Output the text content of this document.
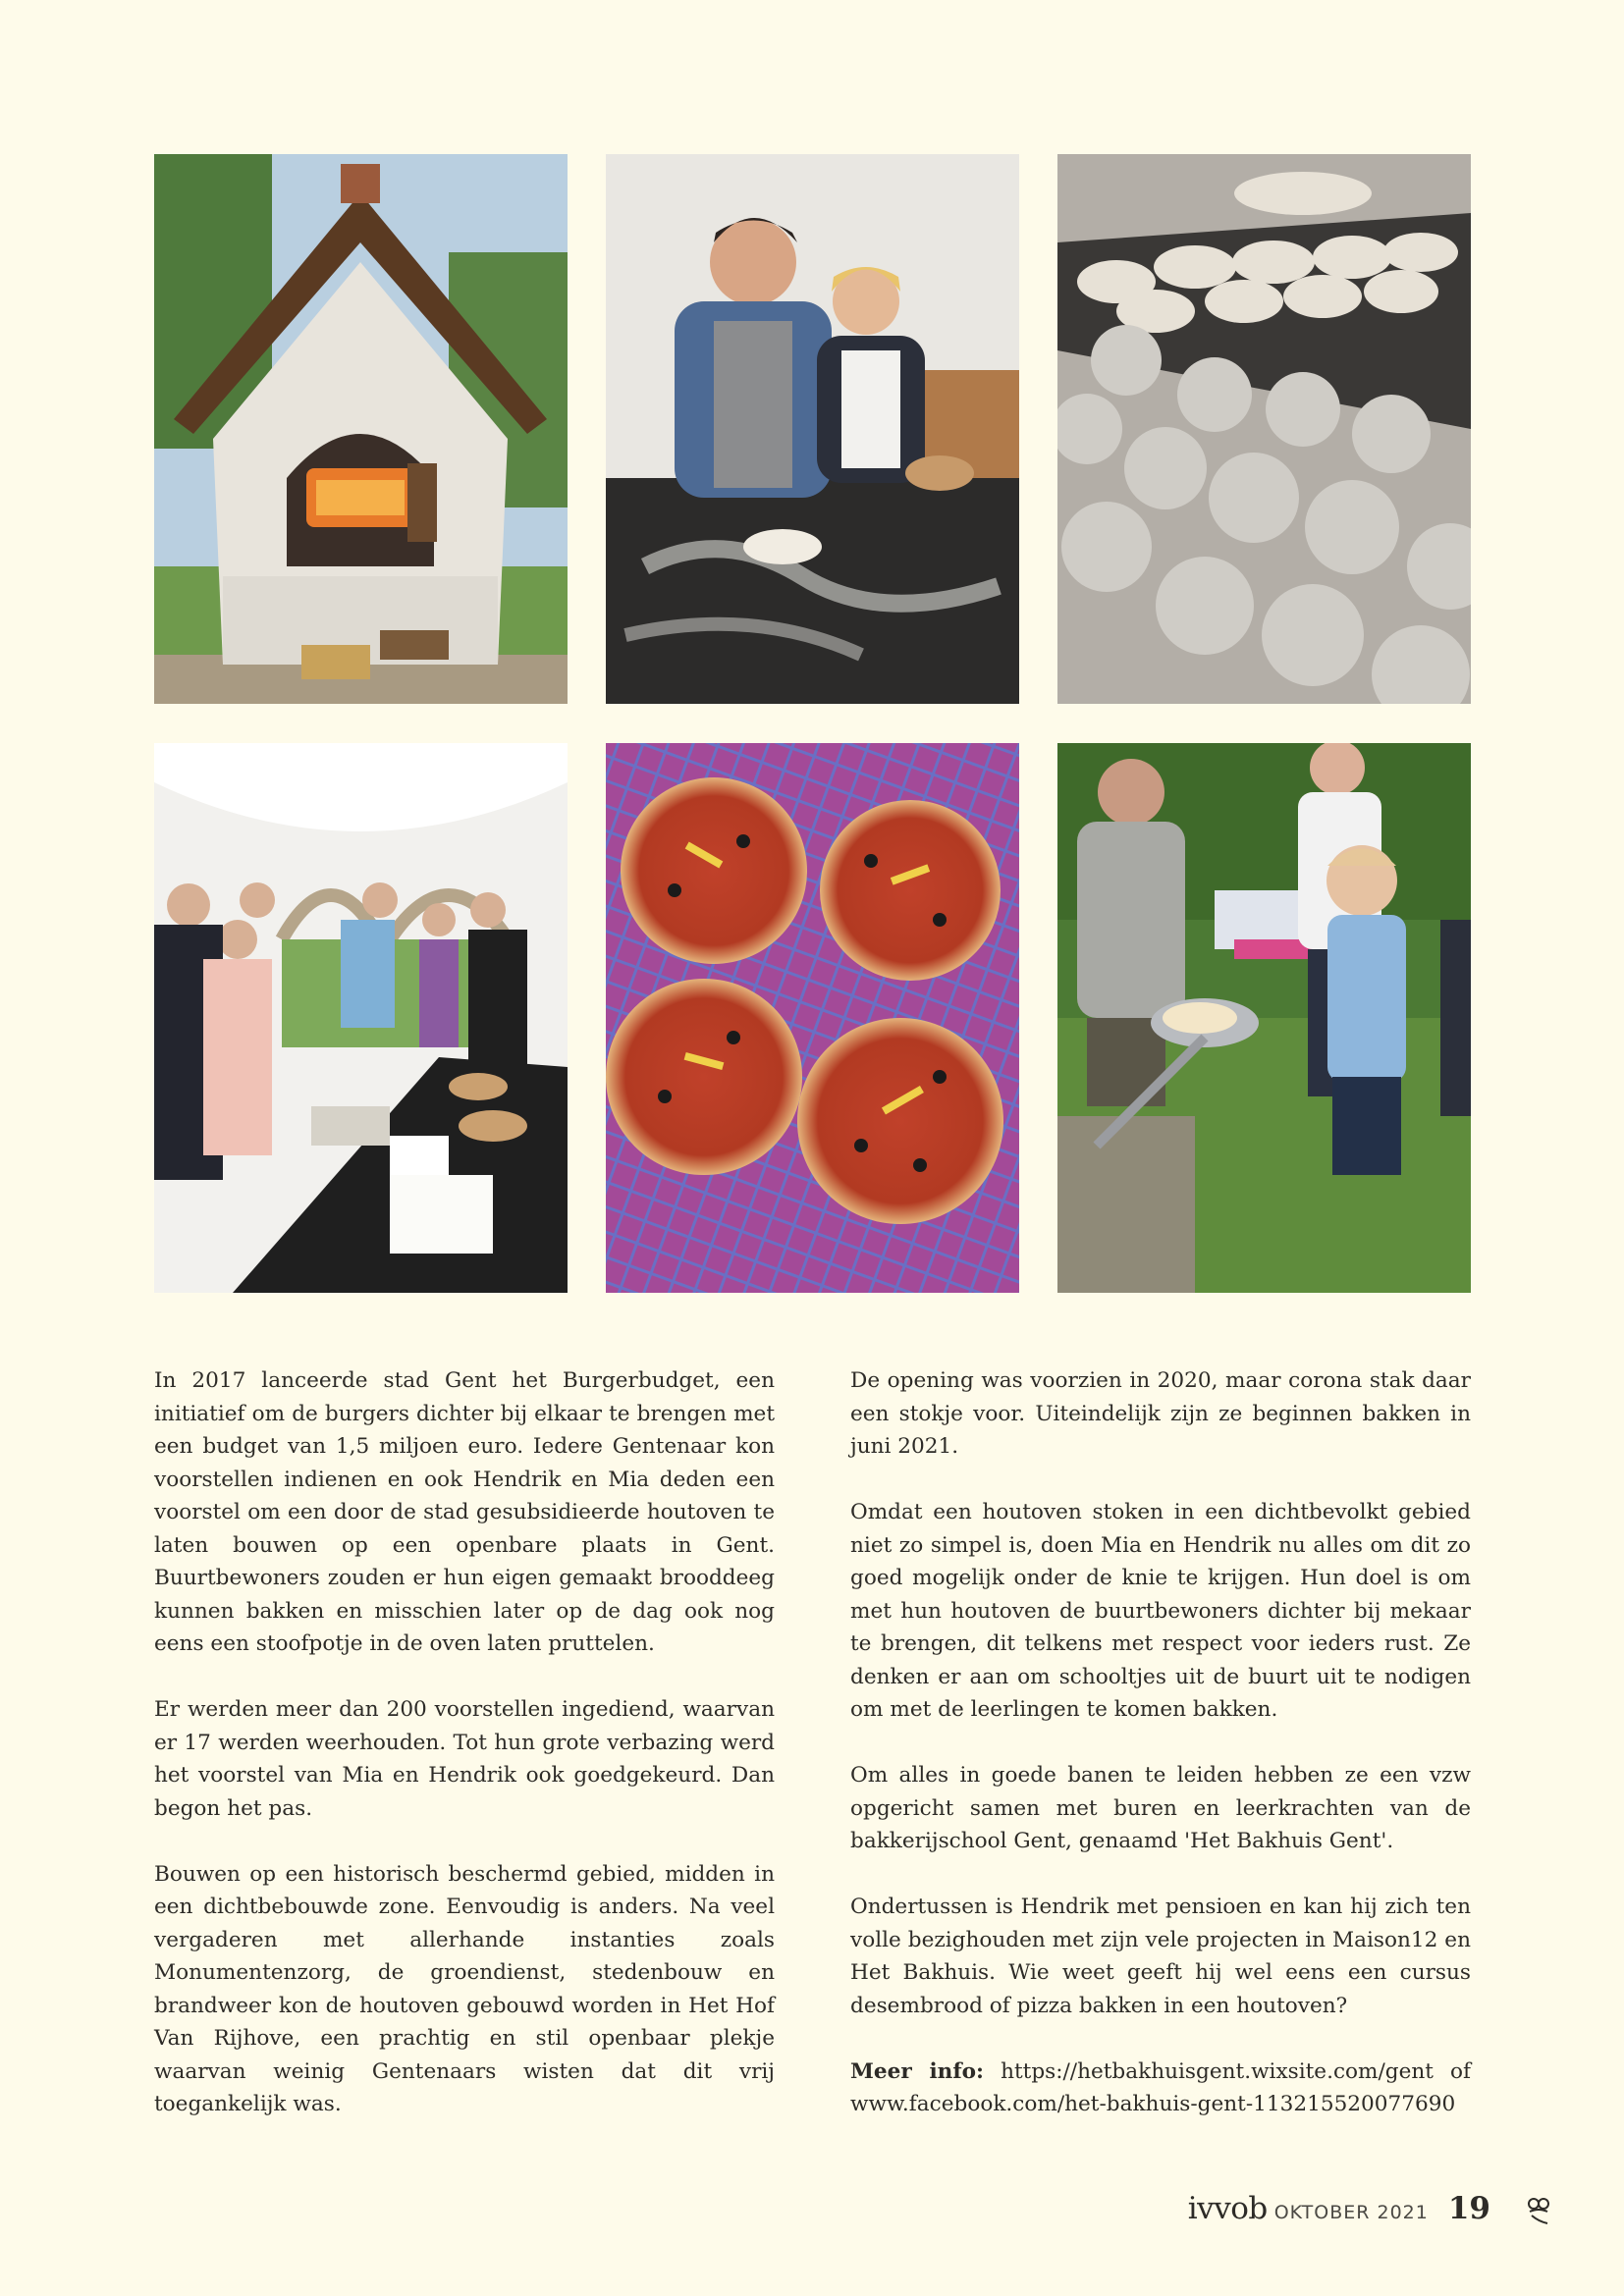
In 2017 lanceerde stad Gent het Burgerbudget, een initiatief om de burgers dichter bij elkaar te brengen met een budget van 1,5 miljoen euro. Iedere Gentenaar kon voorstellen indienen en ook Hendrik en Mia deden een voorstel om een door de stad gesubsidieerde houtoven te laten bouwen op een openbare plaats in Gent. Buurtbewoners zouden er hun eigen gemaakt brooddeeg kunnen bakken en misschien later op de dag ook nog eens een stoofpotje in de oven laten pruttelen.

Er werden meer dan 200 voorstellen ingediend, waarvan er 17 werden weerhouden. Tot hun grote verbazing werd het voorstel van Mia en Hendrik ook goedgekeurd. Dan begon het pas.

Bouwen op een historisch beschermd gebied, midden in een dichtbebouwde zone. Eenvoudig is anders. Na veel vergaderen met allerhande instanties zoals Monumentenzorg, de groendienst, stedenbouw en brandweer kon de houtoven gebouwd worden in Het Hof Van Rijhove, een prachtig en stil openbaar plekje waarvan weinig Gentenaars wisten dat dit vrij toegankelijk was.

De opening was voorzien in 2020, maar corona stak daar een stokje voor. Uiteindelijk zijn ze beginnen bakken in juni 2021.

Omdat een houtoven stoken in een dichtbevolkt gebied niet zo simpel is, doen Mia en Hendrik nu alles om dit zo goed mogelijk onder de knie te krijgen. Hun doel is om met hun houtoven de buurtbewoners dichter bij mekaar te brengen, dit telkens met respect voor ieders rust. Ze denken er aan om schooltjes uit de buurt uit te nodigen om met de leerlingen te komen bakken.

Om alles in goede banen te leiden hebben ze een vzw opgericht samen met buren en leerkrachten van de bakkerijschool Gent, genaamd 'Het Bakhuis Gent'.

Ondertussen is Hendrik met pensioen en kan hij zich ten volle bezighouden met zijn vele projecten in Maison12 en Het Bakhuis. Wie weet geeft hij wel eens een cursus desembrood of pizza bakken in een houtoven?

Meer info: https://hetbakhuisgent.wixsite.com/gent of www.facebook.com/het-bakhuis-gent-113215520077690

ivvob OKTOBER 2021 19
